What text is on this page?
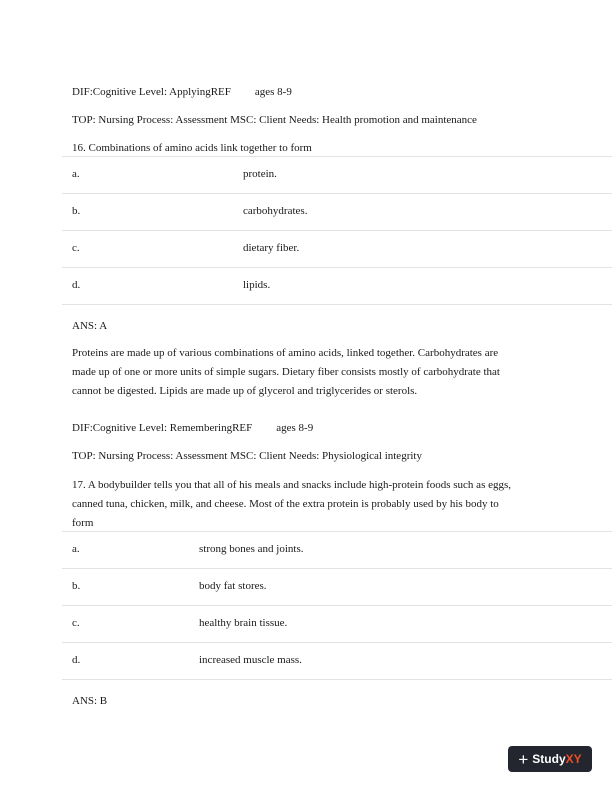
DIF:Cognitive Level: ApplyingREF ages 8-9
TOP: Nursing Process: Assessment MSC: Client Needs: Health promotion and maintenance
16. Combinations of amino acids link together to form
a.	protein.
b.	carbohydrates.
c.	dietary fiber.
d.	lipids.
ANS: A

Proteins are made up of various combinations of amino acids, linked together. Carbohydrates are

made up of one or more units of simple sugars. Dietary fiber consists mostly of carbohydrate that

cannot be digested. Lipids are made up of glycerol and triglycerides or sterols.

DIF:Cognitive Level: RememberingREF ages 8-9
TOP: Nursing Process: Assessment MSC: Client Needs: Physiological integrity

17. A bodybuilder tells you that all of his meals and snacks include high-protein foods such as eggs,

canned tuna, chicken, milk, and cheese. Most of the extra protein is probably used by his body to

form

a.	strong bones and joints.
b.	body fat stores.
c.	healthy brain tissue.
d.	increased muscle mass.
ANS: B
+ Study XY
